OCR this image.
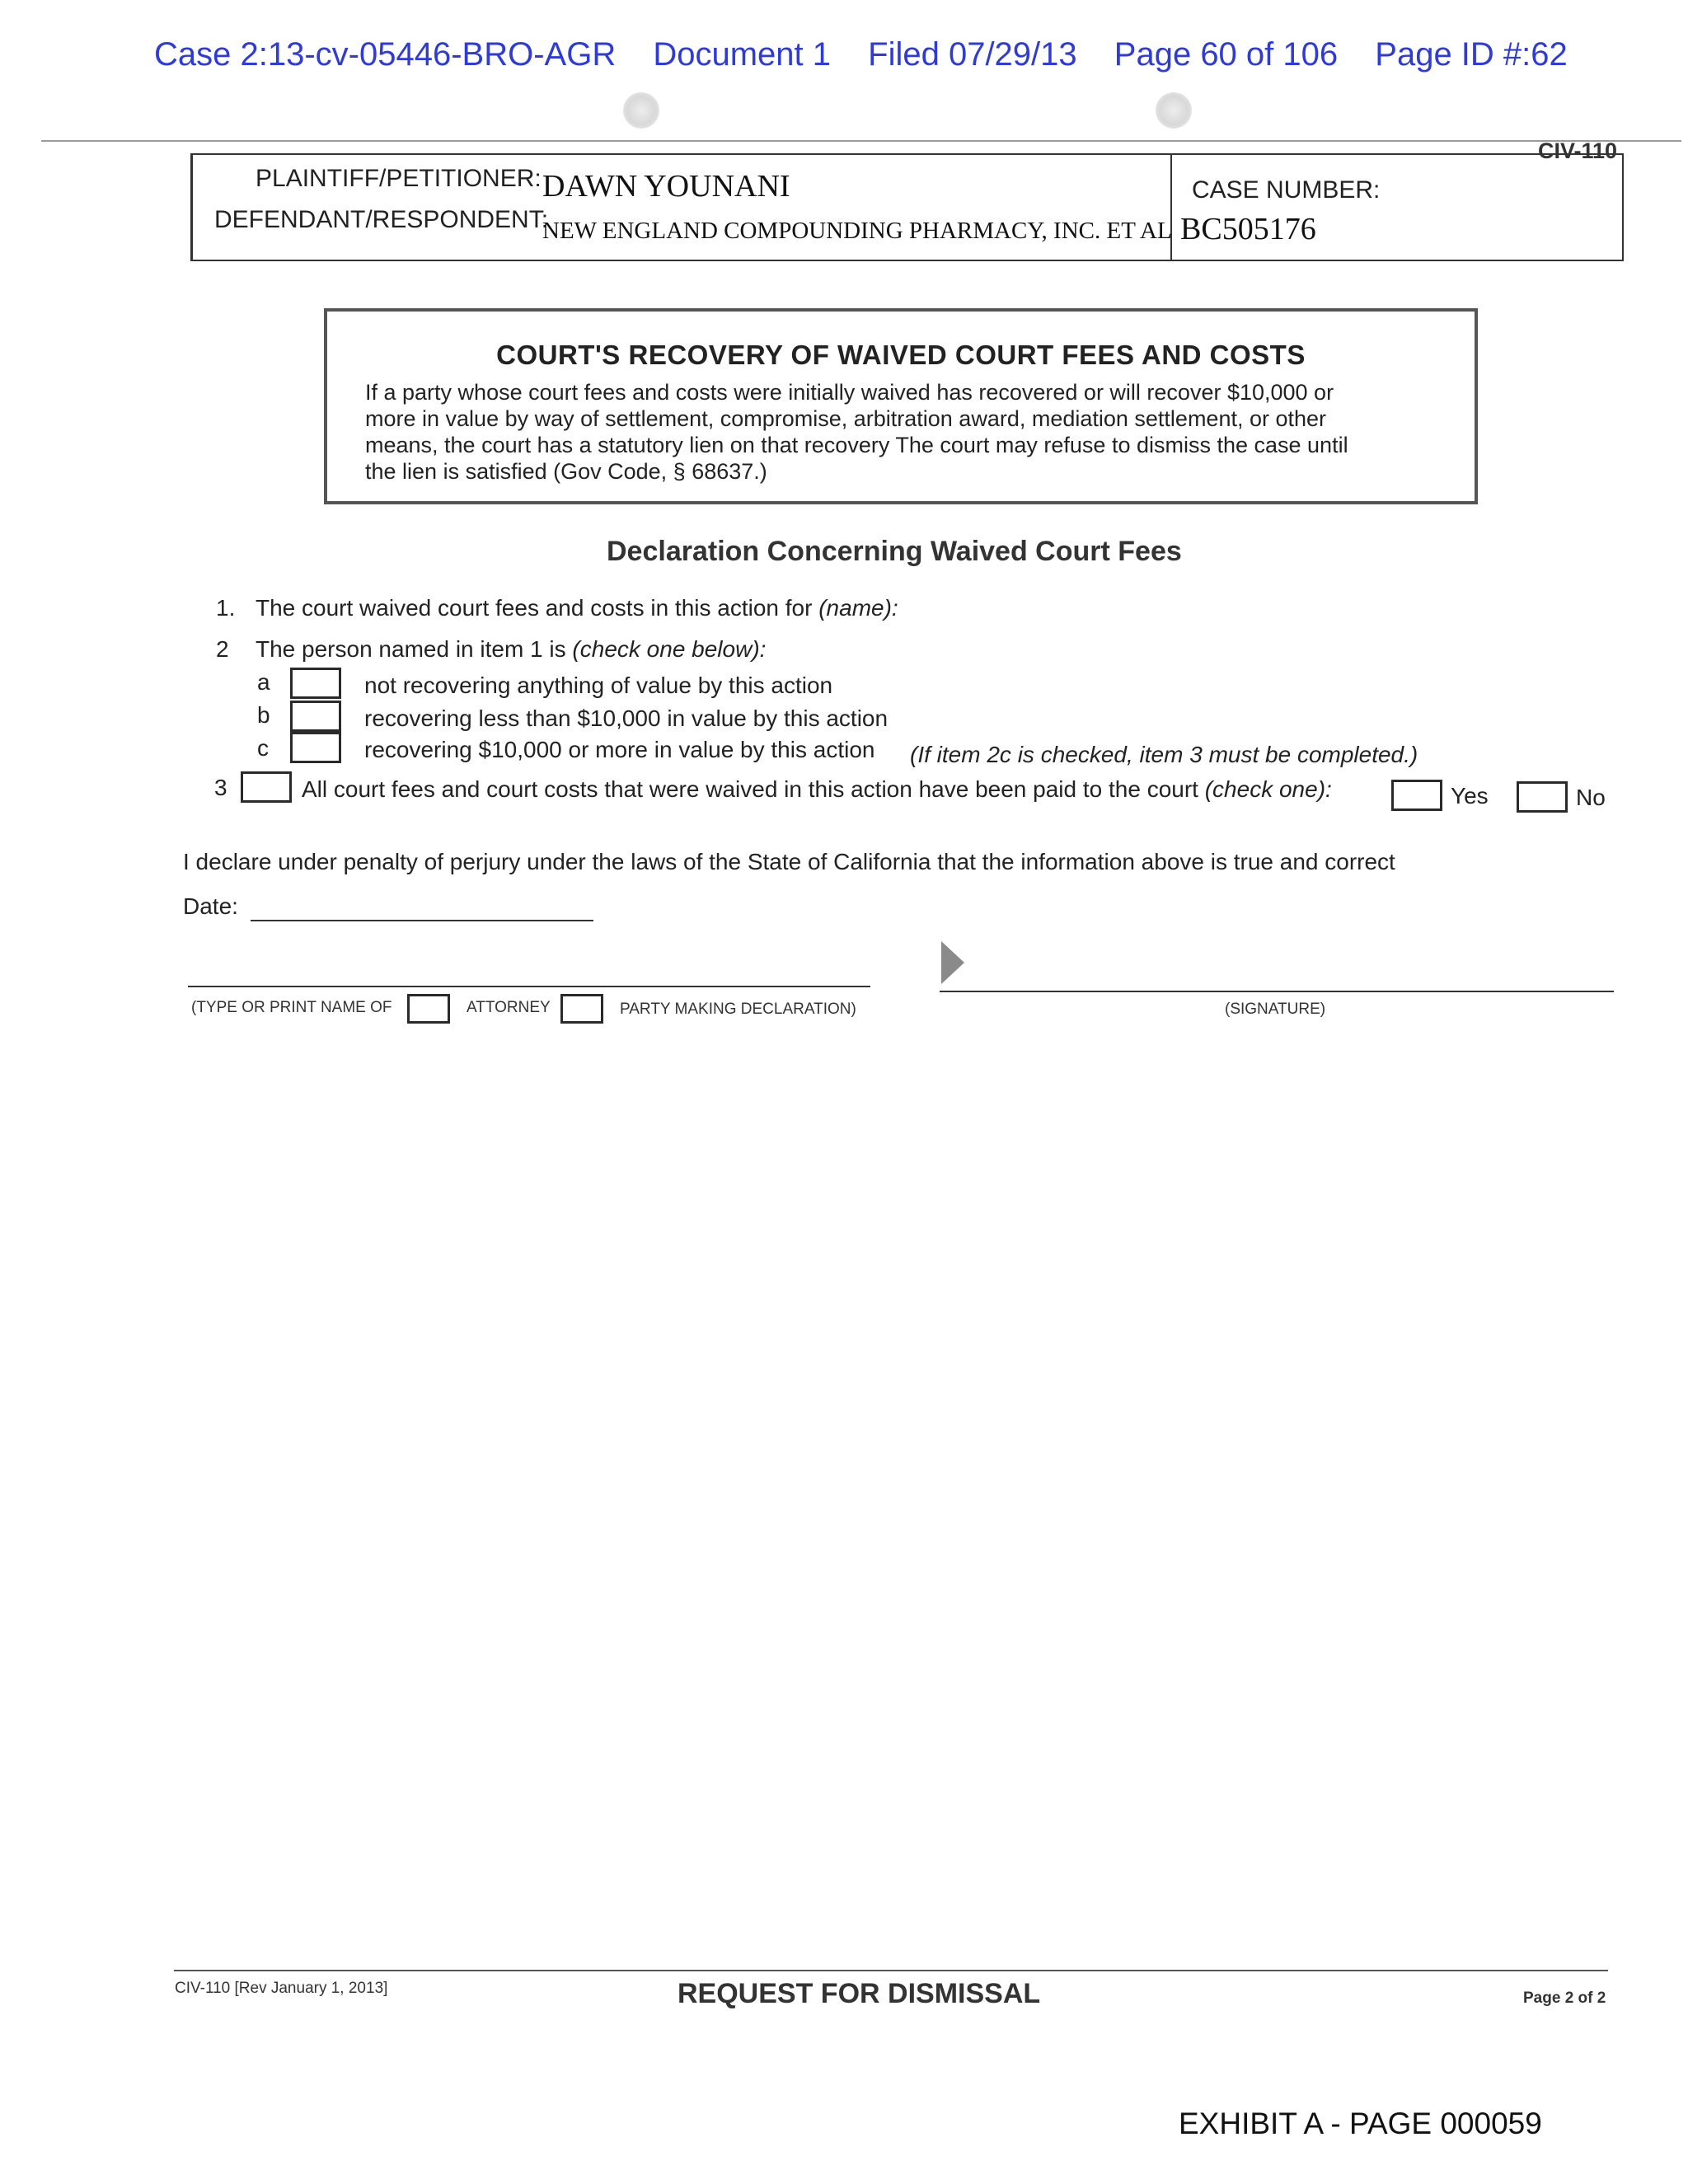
Case 2:13-cv-05446-BRO-AGR Document 1 Filed 07/29/13 Page 60 of 106 Page ID #:62
CIV-110
PLAINTIFF/PETITIONER: DAWN YOUNANI
DEFENDANT/RESPONDENT:
NEW ENGLAND COMPOUNDING PHARMACY, INC. ET AL
CASE NUMBER:
BC505176
COURT'S RECOVERY OF WAIVED COURT FEES AND COSTS
If a party whose court fees and costs were initially waived has recovered or will recover $10,000 or
more in value by way of settlement, compromise, arbitration award, mediation settlement, or other
means, the court has a statutory lien on that recovery The court may refuse to dismiss the case until
the lien is satisfied (Gov Code, § 68637.)
Declaration Concerning Waived Court Fees
1. The court waived court fees and costs in this action for (name):
2 The person named in item 1 is (check one below):
a	not recovering anything of value by this action
b	recovering less than $10,000 in value by this action
c	recovering $10,000 or more in value by this action (If item 2c is checked, item 3 must be completed.)
3	All court fees and court costs that were waived in this action have been paid to the court (check one):	Yes	No
I declare under penalty of perjury under the laws of the State of California that the information above is true and correct
Date:
(TYPE OR PRINT NAME OF	ATTORNEY	PARTY MAKING DECLARATION)	(SIGNATURE)
CIV-110 [Rev January 1, 2013]	REQUEST FOR DISMISSAL	Page 2 of 2
EXHIBIT A - PAGE 000059
